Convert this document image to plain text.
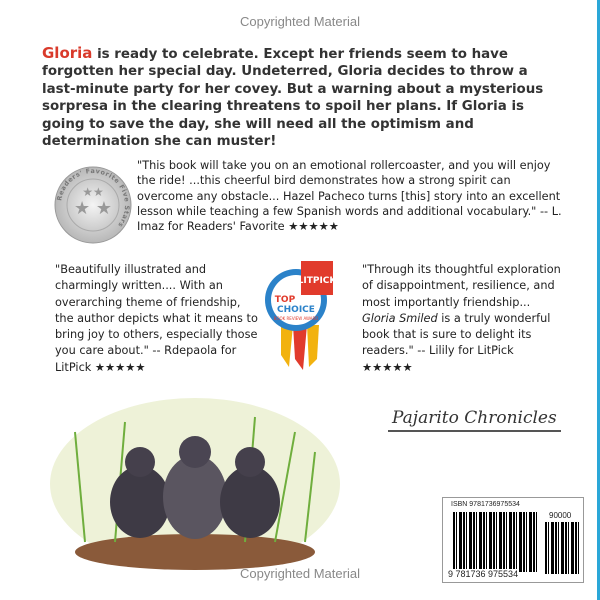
Copyrighted Material
Gloria is ready to celebrate. Except her friends seem to have forgotten her special day. Undeterred, Gloria decides to throw a last-minute party for her covey. But a warning about a mysterious sorpresa in the clearing threatens to spoil her plans. If Gloria is going to save the day, she will need all the optimism and determination she can muster!
Readers' Favorite Five Stars
★ ★
★★
"This book will take you on an emotional rollercoaster, and you will enjoy the ride! ...this cheerful bird demonstrates how a strong spirit can overcome any obstacle... Hazel Pacheco turns [this] story into an excellent lesson while teaching a few Spanish words and additional vocabulary." -- L. Imaz for Readers' Favorite ★★★★★
"Beautifully illustrated and charmingly written.... With an overarching theme of friendship, the author depicts what it means to bring joy to others, especially those you care about." -- Rdepaola for LitPick ★★★★★
LITPICK
TOP
CHOICE
BOOK REVIEW AWARD
"Through its thoughtful exploration of disappointment, resilience, and most importantly friendship... Gloria Smiled is a truly wonderful book that is sure to delight its readers." -- Lilily for LitPick ★★★★★
Pajarito Chronicles
ISBN 9781736975534
90000
9 781736 975534
Copyrighted Material
